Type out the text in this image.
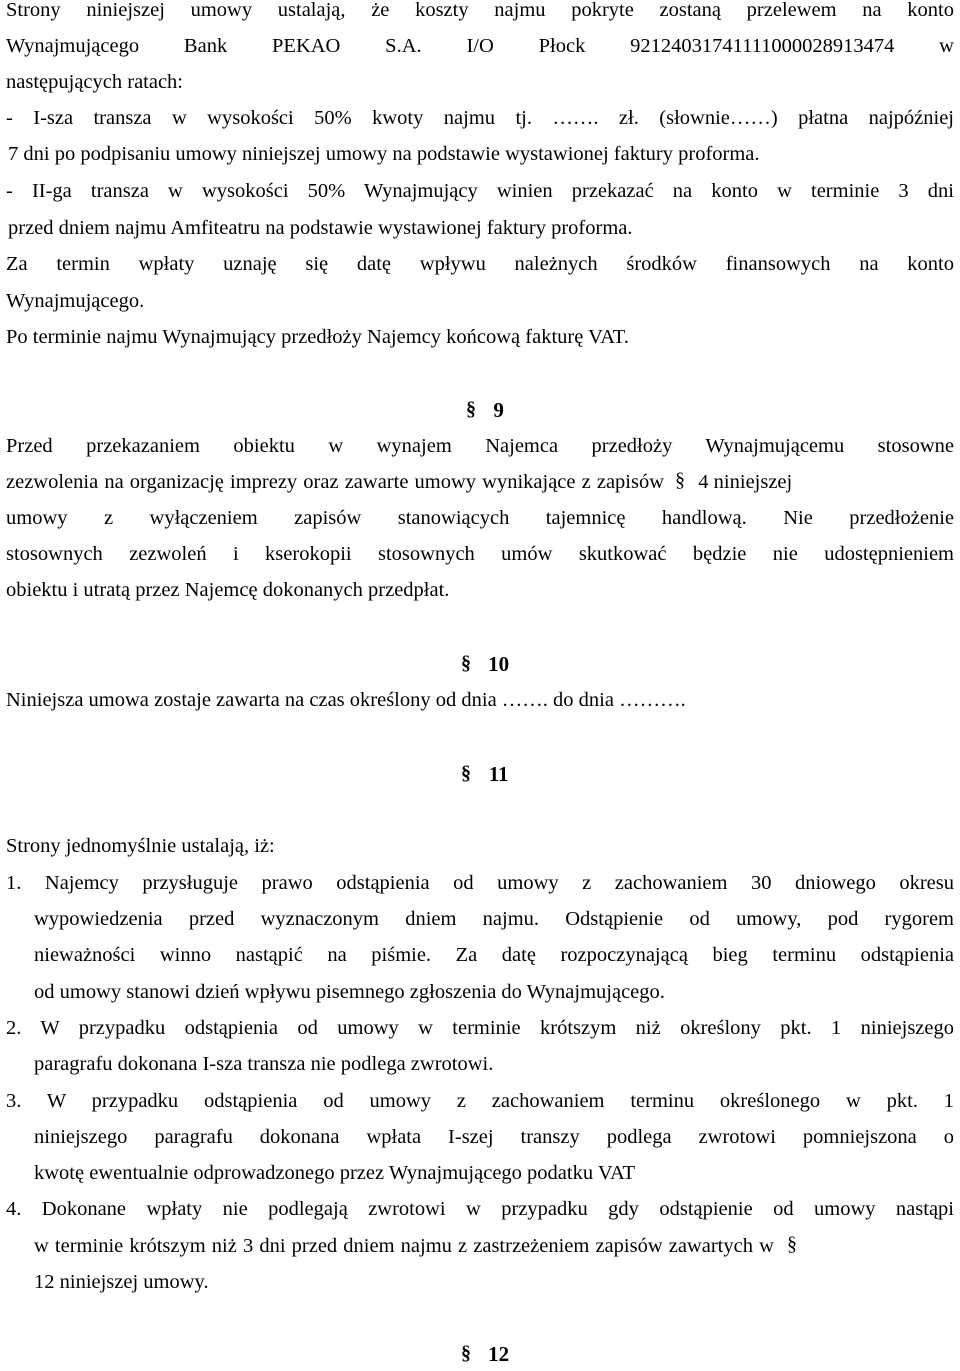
Strony niniejszej umowy ustalają, że koszty najmu pokryte zostaną przelewem na konto
Wynajmującego Bank PEKAO S.A. I/O Płock 92124031741111000028913474 w
następujących ratach:
- I-sza transza w wysokości 50% kwoty najmu tj. ……. zł. (słownie……) płatna najpóźniej
7 dni po podpisaniu umowy niniejszej umowy na podstawie wystawionej faktury proforma.
- II-ga transza w wysokości 50% Wynajmujący winien przekazać na konto w terminie 3 dni
przed dniem najmu Amfiteatru na podstawie wystawionej faktury proforma.
Za termin wpłaty uznaję się datę wpływu należnych środków finansowych na konto
Wynajmującego.
Po terminie najmu Wynajmujący przedłoży Najemcy końcową fakturę VAT.
§ 9
Przed przekazaniem obiektu w wynajem Najemca przedłoży Wynajmującemu stosowne
zezwolenia na organizację imprezy oraz zawarte umowy wynikające z zapisów § 4 niniejszej
umowy z wyłączeniem zapisów stanowiących tajemnicę handlową. Nie przedłożenie
stosownych zezwoleń i kserokopii stosownych umów skutkować będzie nie udostępnieniem
obiektu i utratą przez Najemcę dokonanych przedpłat.
§ 10
Niniejsza umowa zostaje zawarta na czas określony od dnia ……. do dnia ……….
§ 11
Strony jednomyślnie ustalają, iż:
1. Najemcy przysługuje prawo odstąpienia od umowy z zachowaniem 30 dniowego okresu
wypowiedzenia przed wyznaczonym dniem najmu. Odstąpienie od umowy, pod rygorem
nieważności winno nastąpić na piśmie. Za datę rozpoczynającą bieg terminu odstąpienia
od umowy stanowi dzień wpływu pisemnego zgłoszenia do Wynajmującego.
2. W przypadku odstąpienia od umowy w terminie krótszym niż określony pkt. 1 niniejszego
paragrafu dokonana I-sza transza nie podlega zwrotowi.
3. W przypadku odstąpienia od umowy z zachowaniem terminu określonego w pkt. 1
niniejszego paragrafu dokonana wpłata I-szej transzy podlega zwrotowi pomniejszona o
kwotę ewentualnie odprowadzonego przez Wynajmującego podatku VAT
4. Dokonane wpłaty nie podlegają zwrotowi w przypadku gdy odstąpienie od umowy nastąpi
w terminie krótszym niż 3 dni przed dniem najmu z zastrzeżeniem zapisów zawartych w §
12 niniejszej umowy.
§ 12
